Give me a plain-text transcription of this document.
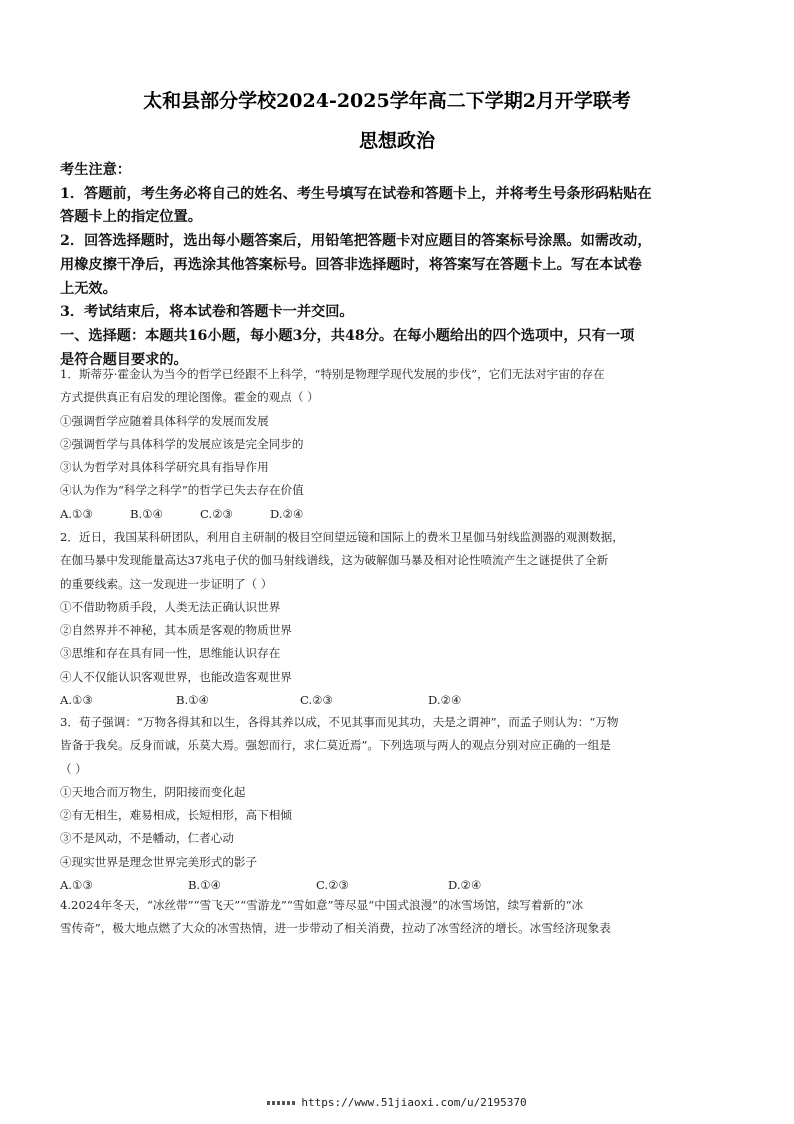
太和县部分学校2024-2025学年高二下学期2月开学联考
思想政治

考生注意：

1．答题前，考生务必将自己的姓名、考生号填写在试卷和答题卡上，并将考生号条形码粘贴在

答题卡上的指定位置。

2．回答选择题时，选出每小题答案后，用铅笔把答题卡对应题目的答案标号涂黑。如需改动，

用橡皮擦干净后，再选涂其他答案标号。回答非选择题时，将答案写在答题卡上。写在本试卷

上无效。

3．考试结束后，将本试卷和答题卡一并交回。

一、选择题：本题共16小题，每小题3分，共48分。在每小题给出的四个选项中，只有一项

是符合题目要求的。

1．斯蒂芬·霍金认为当今的哲学已经跟不上科学，“特别是物理学现代发展的步伐”，它们无法对宇宙的存在

方式提供真正有启发的理论图像。霍金的观点（ ）

①强调哲学应随着具体科学的发展而发展

②强调哲学与具体科学的发展应该是完全同步的

③认为哲学对具体科学研究具有指导作用

④认为作为“科学之科学”的哲学已失去存在价值

A.①③	B.①④	C.②③	D.②④

2．近日，我国某科研团队，利用自主研制的极目空间望远镜和国际上的费米卫星伽马射线监测器的观测数据，

在伽马暴中发现能量高达37兆电子伏的伽马射线谱线，这为破解伽马暴及相对论性喷流产生之谜提供了全新

的重要线索。这一发现进一步证明了（ ）

①不借助物质手段，人类无法正确认识世界

②自然界并不神秘，其本质是客观的物质世界

③思维和存在具有同一性，思维能认识存在

④人不仅能认识客观世界，也能改造客观世界

A.①③	B.①④	C.②③	D.②④

3．荀子强调：“万物各得其和以生，各得其养以成，不见其事而见其功，夫是之谓神”，而孟子则认为：“万物

皆备于我矣。反身而诚，乐莫大焉。强恕而行，求仁莫近焉”。下列选项与两人的观点分别对应正确的一组是

（ ）

①天地合而万物生，阴阳接而变化起

②有无相生，难易相成，长短相形，高下相倾

③不是风动，不是幡动，仁者心动

④现实世界是理念世界完美形式的影子

A.①③	B.①④	C.②③	D.②④

4.2024年冬天，“冰丝带”“雪飞天”“雪游龙”“雪如意”等尽显“中国式浪漫”的冰雪场馆，续写着新的“冰

雪传奇”，极大地点燃了大众的冰雪热情，进一步带动了相关消费，拉动了冰雪经济的增长。冰雪经济现象表

https://www.51jiaoxi.com/u/2195370
